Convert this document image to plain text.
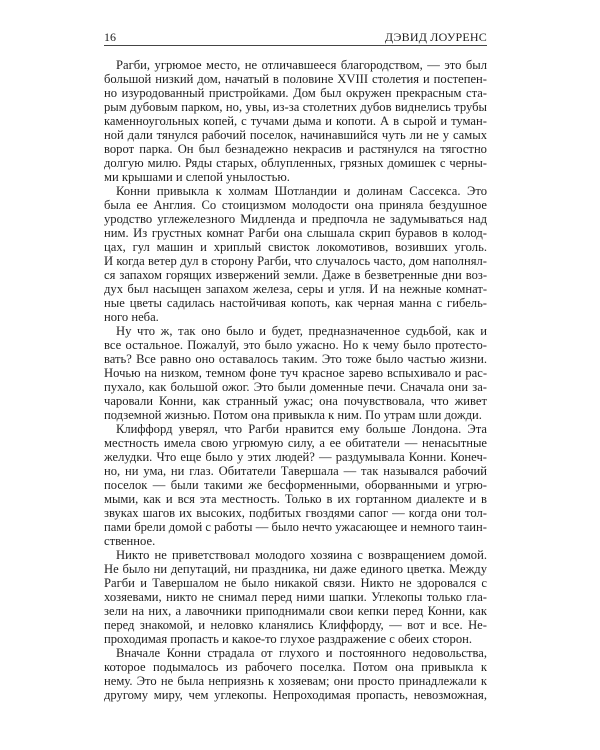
16	ДЭВИД ЛОУРЕНС
Рагби, угрюмое место, не отличавшееся благородством, — это был
большой низкий дом, начатый в половине XVIII столетия и постепен-
но изуродованный пристройками. Дом был окружен прекрасным ста-
рым дубовым парком, но, увы, из-за столетних дубов виднелись трубы
каменноугольных копей, с тучами дыма и копоти. А в сырой и туман-
ной дали тянулся рабочий поселок, начинавшийся чуть ли не у самых
ворот парка. Он был безнадежно некрасив и растянулся на тягостно
долгую милю. Ряды старых, облупленных, грязных домишек с черны-
ми крышами и слепой унылостью.
Конни привыкла к холмам Шотландии и долинам Сассекса. Это
была ее Англия. Со стоицизмом молодости она приняла бездушное
уродство углежелезного Мидленда и предпочла не задумываться над
ним. Из грустных комнат Рагби она слышала скрип буравов в колод-
цах, гул машин и хриплый свисток локомотивов, возивших уголь.
И когда ветер дул в сторону Рагби, что случалось часто, дом наполнял-
ся запахом горящих извержений земли. Даже в безветренные дни воз-
дух был насыщен запахом железа, серы и угля. И на нежные комнат-
ные цветы садилась настойчивая копоть, как черная манна с гибель-
ного неба.
Ну что ж, так оно было и будет, предназначенное судьбой, как и
все остальное. Пожалуй, это было ужасно. Но к чему было протесто-
вать? Все равно оно оставалось таким. Это тоже было частью жизни.
Ночью на низком, темном фоне туч красное зарево вспыхивало и рас-
пухало, как большой ожог. Это были доменные печи. Сначала они за-
чаровали Конни, как странный ужас; она почувствовала, что живет
подземной жизнью. Потом она привыкла к ним. По утрам шли дожди.
Клиффорд уверял, что Рагби нравится ему больше Лондона. Эта
местность имела свою угрюмую силу, а ее обитатели — ненасытные
желудки. Что еще было у этих людей? — раздумывала Конни. Конеч-
но, ни ума, ни глаз. Обитатели Тавершала — так назывался рабочий
поселок — были такими же бесформенными, оборванными и угрю-
мыми, как и вся эта местность. Только в их гортанном диалекте и в
звуках шагов их высоких, подбитых гвоздями сапог — когда они тол-
пами брели домой с работы — было нечто ужасающее и немного таин-
ственное.
Никто не приветствовал молодого хозяина с возвращением домой.
Не было ни депутаций, ни праздника, ни даже единого цветка. Между
Рагби и Тавершалом не было никакой связи. Никто не здоровался с
хозяевами, никто не снимал перед ними шапки. Углекопы только гла-
зели на них, а лавочники приподнимали свои кепки перед Конни, как
перед знакомой, и неловко кланялись Клиффорду, — вот и все. Не-
проходимая пропасть и какое-то глухое раздражение с обеих сторон.
Вначале Конни страдала от глухого и постоянного недовольства,
которое подымалось из рабочего поселка. Потом она привыкла к
нему. Это не была неприязнь к хозяевам; они просто принадлежали к
другому миру, чем углекопы. Непроходимая пропасть, невозможная,
